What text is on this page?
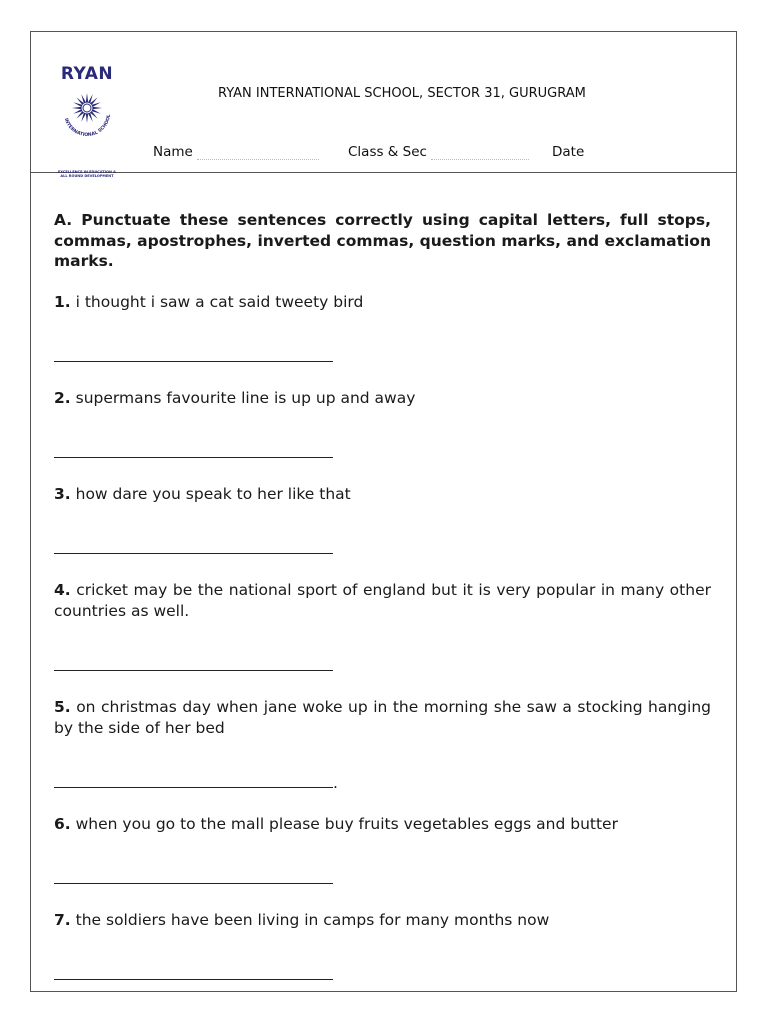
RYAN
INTERNATIONAL SCHOOL
EXCELLENCE IN EDUCATION & ALL ROUND DEVELOPMENT
RYAN INTERNATIONAL SCHOOL, SECTOR 31, GURUGRAM
Name	Class & Sec	Date

A. Punctuate these sentences correctly using capital letters, full stops, commas, apostrophes, inverted commas, question marks, and exclamation marks.

1. i thought i saw a cat said tweety bird

2. supermans favourite line is up up and away

3. how dare you speak to her like that

4. cricket may be the national sport of england but it is very popular in many other countries as well.

5. on christmas day when jane woke up in the morning she saw a stocking hanging by the side of her bed

.

6. when you go to the mall please buy fruits vegetables eggs and butter

7. the soldiers have been living in camps for many months now
